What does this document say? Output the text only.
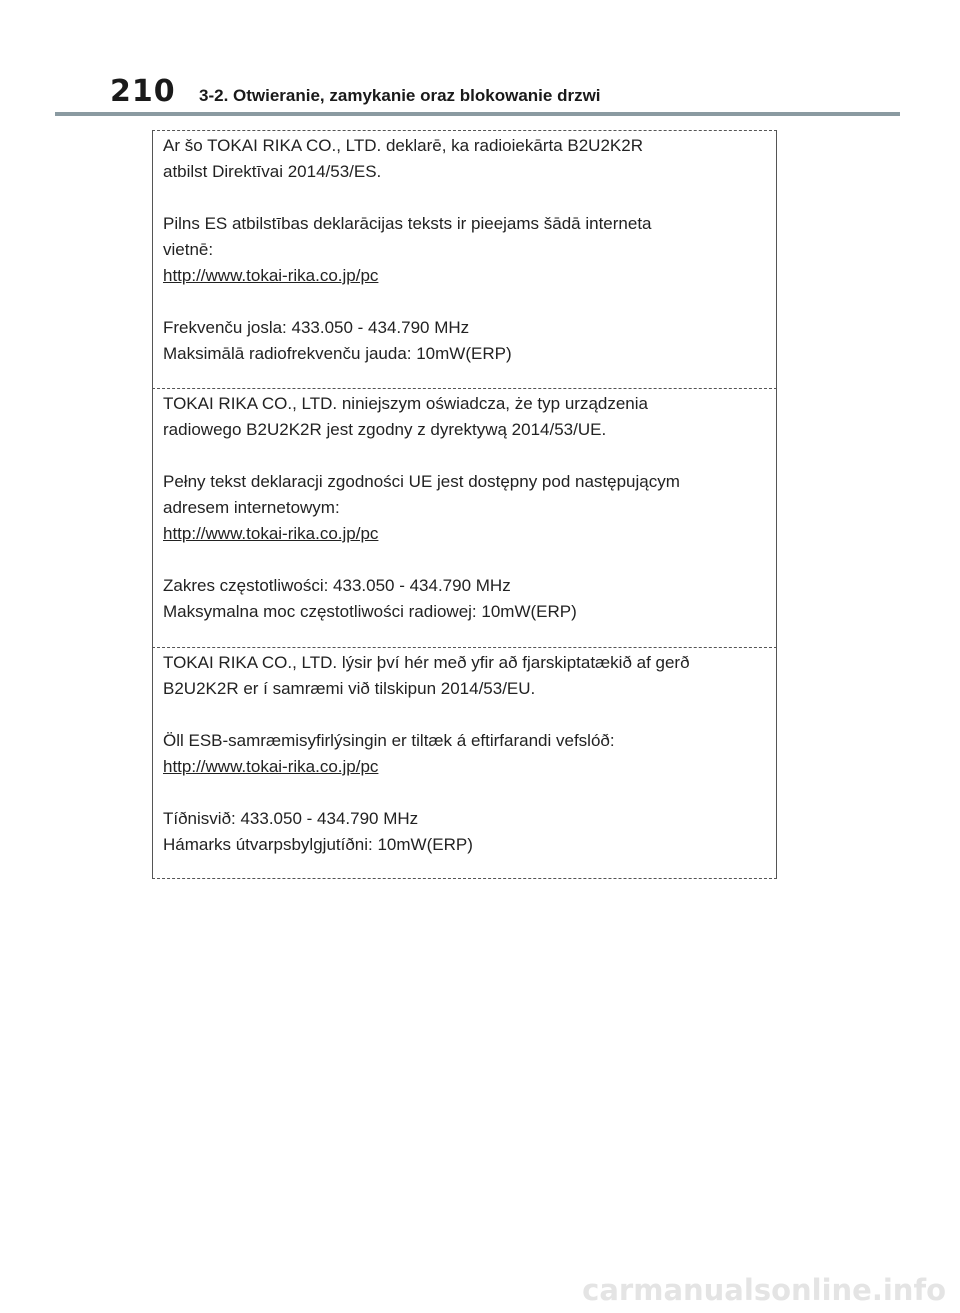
210 3-2. Otwieranie, zamykanie oraz blokowanie drzwi

Ar šo TOKAI RIKA CO., LTD. deklarē, ka radioiekārta B2U2K2R

atbilst Direktīvai 2014/53/ES.

Pilns ES atbilstības deklarācijas teksts ir pieejams šādā interneta

vietnē:

http://www.tokai-rika.co.jp/pc

Frekvenču josla: 433.050 - 434.790 MHz

Maksimālā radiofrekvenču jauda: 10mW(ERP)

TOKAI RIKA CO., LTD. niniejszym oświadcza, że typ urządzenia

radiowego B2U2K2R jest zgodny z dyrektywą 2014/53/UE.

Pełny tekst deklaracji zgodności UE jest dostępny pod następującym

adresem internetowym:

http://www.tokai-rika.co.jp/pc

Zakres częstotliwości: 433.050 - 434.790 MHz

Maksymalna moc częstotliwości radiowej: 10mW(ERP)

TOKAI RIKA CO., LTD. lýsir því hér með yfir að fjarskiptatækið af gerð

B2U2K2R er í samræmi við tilskipun 2014/53/EU.

Öll ESB-samræmisyfirlýsingin er tiltæk á eftirfarandi vefslóð:

http://www.tokai-rika.co.jp/pc

Tíðnisvið: 433.050 - 434.790 MHz

Hámarks útvarpsbylgjutíðni: 10mW(ERP)

carmanualsonline.info
